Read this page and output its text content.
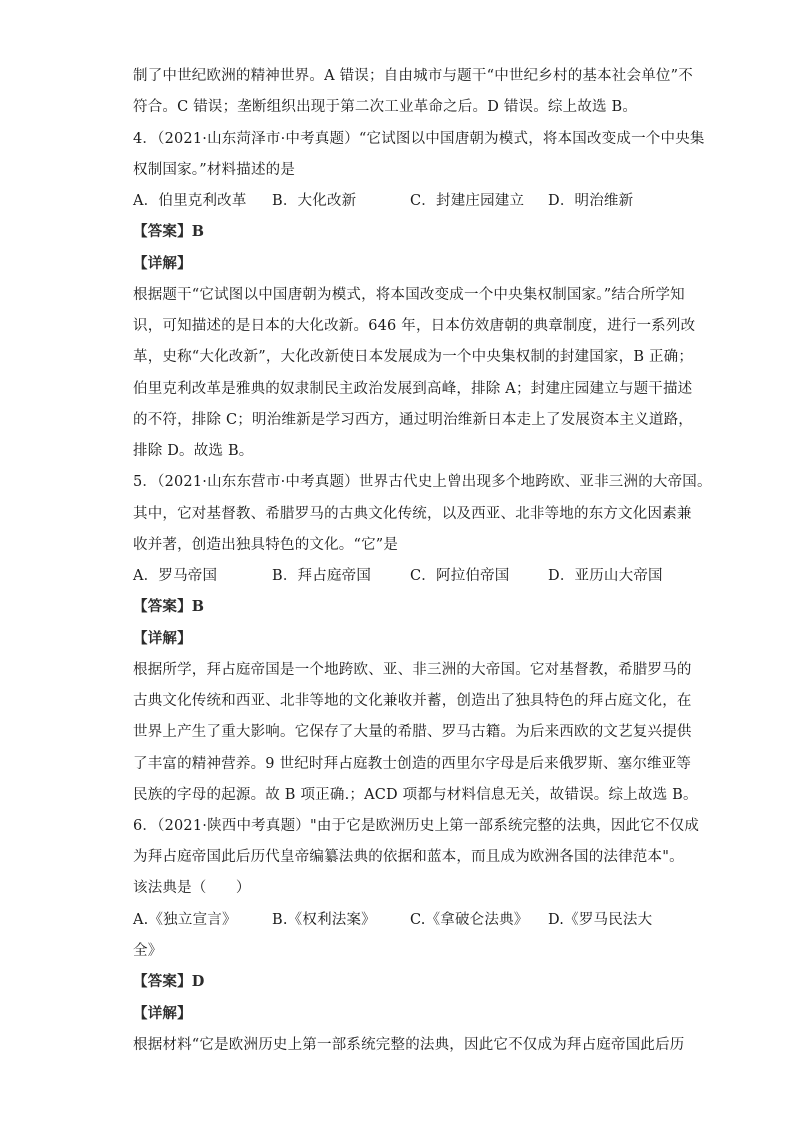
制了中世纪欧洲的精神世界。A 错误；自由城市与题干“中世纪乡村的基本社会单位”不
符合。C 错误；垄断组织出现于第二次工业革命之后。D 错误。综上故选 B。
4．（2021·山东菏泽市·中考真题）“它试图以中国唐朝为模式，将本国改变成一个中央集
权制国家。”材料描述的是
A．伯里克利改革 B．大化改新	C．封建庄园建立 D．明治维新
【答案】B
【详解】
根据题干“它试图以中国唐朝为模式，将本国改变成一个中央集权制国家。”结合所学知
识，可知描述的是日本的大化改新。646 年，日本仿效唐朝的典章制度，进行一系列改
革，史称“大化改新”，大化改新使日本发展成为一个中央集权制的封建国家，B 正确；
伯里克利改革是雅典的奴隶制民主政治发展到高峰，排除 A；封建庄园建立与题干描述
的不符，排除 C；明治维新是学习西方，通过明治维新日本走上了发展资本主义道路，
排除 D。故选 B。
5．（2021·山东东营市·中考真题）世界古代史上曾出现多个地跨欧、亚非三洲的大帝国。
其中，它对基督教、希腊罗马的古典文化传统，以及西亚、北非等地的东方文化因素兼
收并著，创造出独具特色的文化。“它”是
A．罗马帝国	B．拜占庭帝国	C．阿拉伯帝国	D．亚历山大帝国
【答案】B
【详解】
根据所学，拜占庭帝国是一个地跨欧、亚、非三洲的大帝国。它对基督教，希腊罗马的
古典文化传统和西亚、北非等地的文化兼收并蓄，创造出了独具特色的拜占庭文化，在
世界上产生了重大影响。它保存了大量的希腊、罗马古籍。为后来西欧的文艺复兴提供
了丰富的精神营养。9 世纪时拜占庭教士创造的西里尔字母是后来俄罗斯、塞尔维亚等
民族的字母的起源。故 B 项正确.；ACD 项都与材料信息无关，故错误。综上故选 B。
6．（2021·陕西中考真题）"由于它是欧洲历史上第一部系统完整的法典，因此它不仅成
为拜占庭帝国此后历代皇帝编纂法典的依据和蓝本，而且成为欧洲各国的法律范本"。
该法典是（　　）
A.《独立宣言》 B.《权利法案》 C.《拿破仑法典》 D.《罗马民法大
全》
【答案】D
【详解】
根据材料“它是欧洲历史上第一部系统完整的法典，因此它不仅成为拜占庭帝国此后历
